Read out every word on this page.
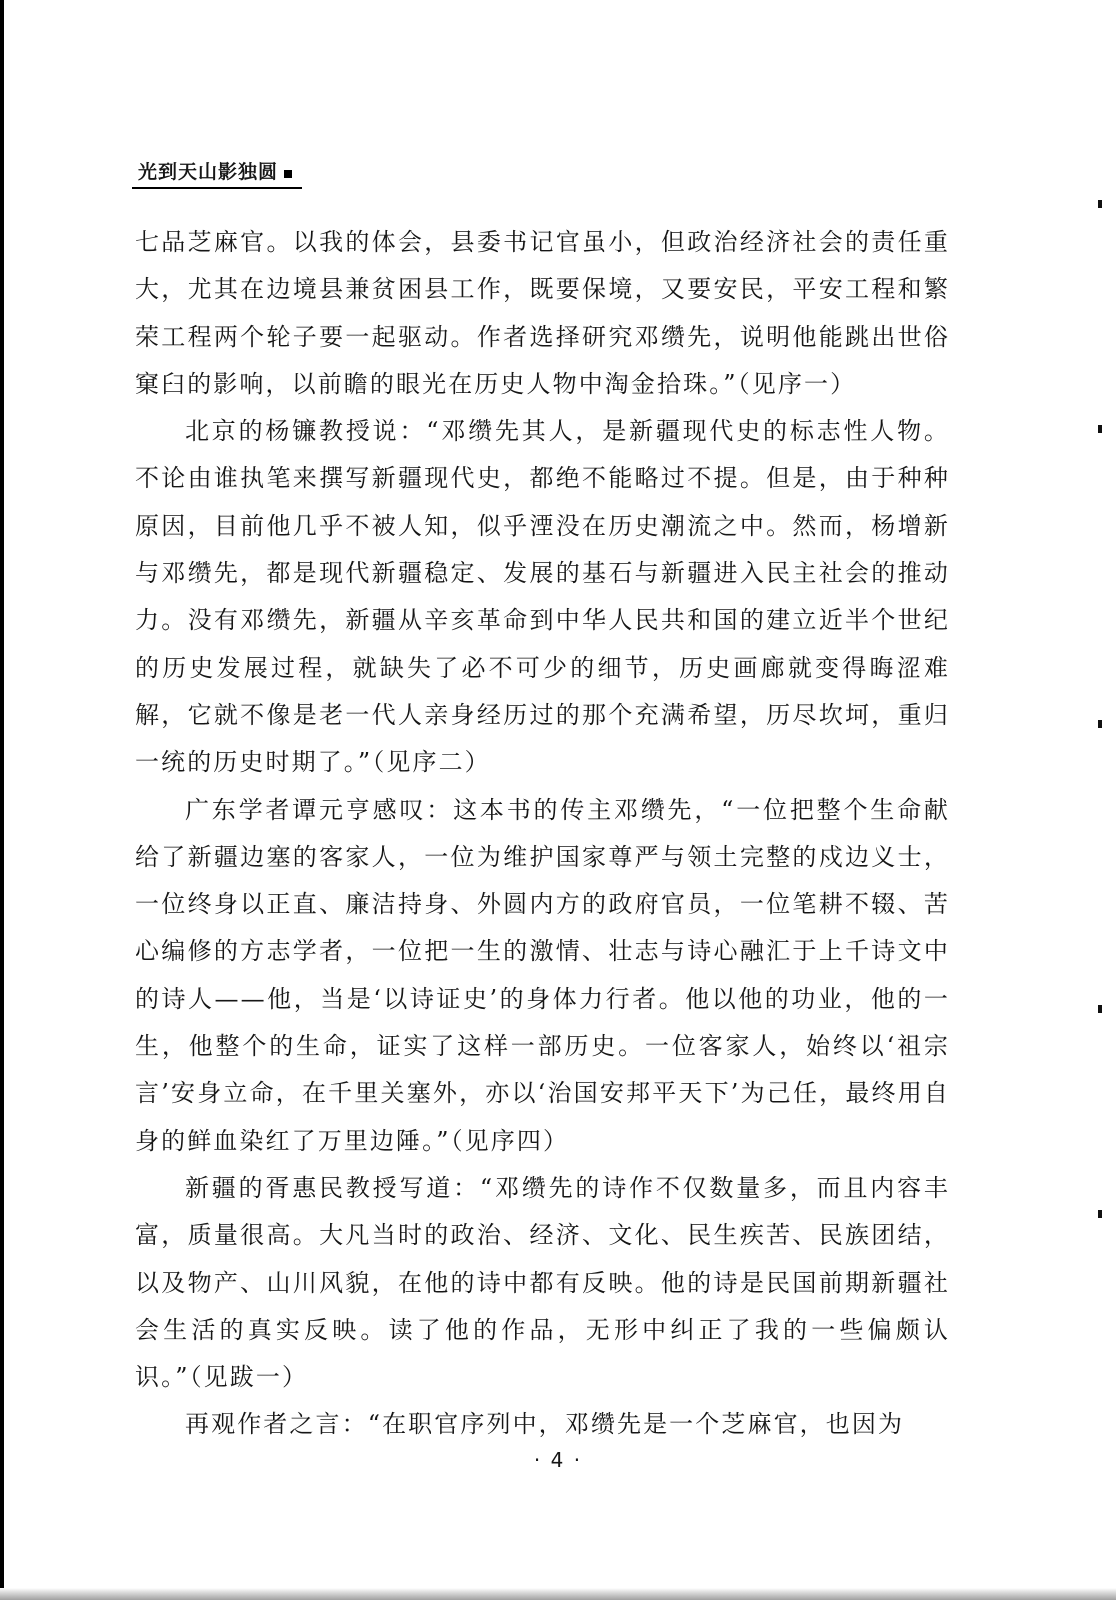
光到天山影独圆

七品芝麻官。以我的体会，县委书记官虽小，但政治经济社会的责任重大，尤其在边境县兼贫困县工作，既要保境，又要安民，平安工程和繁荣工程两个轮子要一起驱动。作者选择研究邓缵先，说明他能跳出世俗窠臼的影响，以前瞻的眼光在历史人物中淘金拾珠。”（见序一）

北京的杨镰教授说：“邓缵先其人，是新疆现代史的标志性人物。不论由谁执笔来撰写新疆现代史，都绝不能略过不提。但是，由于种种原因，目前他几乎不被人知，似乎湮没在历史潮流之中。然而，杨增新与邓缵先，都是现代新疆稳定、发展的基石与新疆进入民主社会的推动力。没有邓缵先，新疆从辛亥革命到中华人民共和国的建立近半个世纪的历史发展过程，就缺失了必不可少的细节，历史画廊就变得晦涩难解，它就不像是老一代人亲身经历过的那个充满希望，历尽坎坷，重归一统的历史时期了。”（见序二）

广东学者谭元亨感叹：这本书的传主邓缵先，“一位把整个生命献给了新疆边塞的客家人，一位为维护国家尊严与领土完整的戍边义士，一位终身以正直、廉洁持身、外圆内方的政府官员，一位笔耕不辍、苦心编修的方志学者，一位把一生的激情、壮志与诗心融汇于上千诗文中的诗人——他，当是‘以诗证史’的身体力行者。他以他的功业，他的一生，他整个的生命，证实了这样一部历史。一位客家人，始终以‘祖宗言’安身立命，在千里关塞外，亦以‘治国安邦平天下’为己任，最终用自身的鲜血染红了万里边陲。”（见序四）

新疆的胥惠民教授写道：“邓缵先的诗作不仅数量多，而且内容丰富，质量很高。大凡当时的政治、经济、文化、民生疾苦、民族团结，以及物产、山川风貌，在他的诗中都有反映。他的诗是民国前期新疆社会生活的真实反映。读了他的作品，无形中纠正了我的一些偏颇认识。”（见跋一）

再观作者之言：“在职官序列中，邓缵先是一个芝麻官，也因为

· 4 ·
